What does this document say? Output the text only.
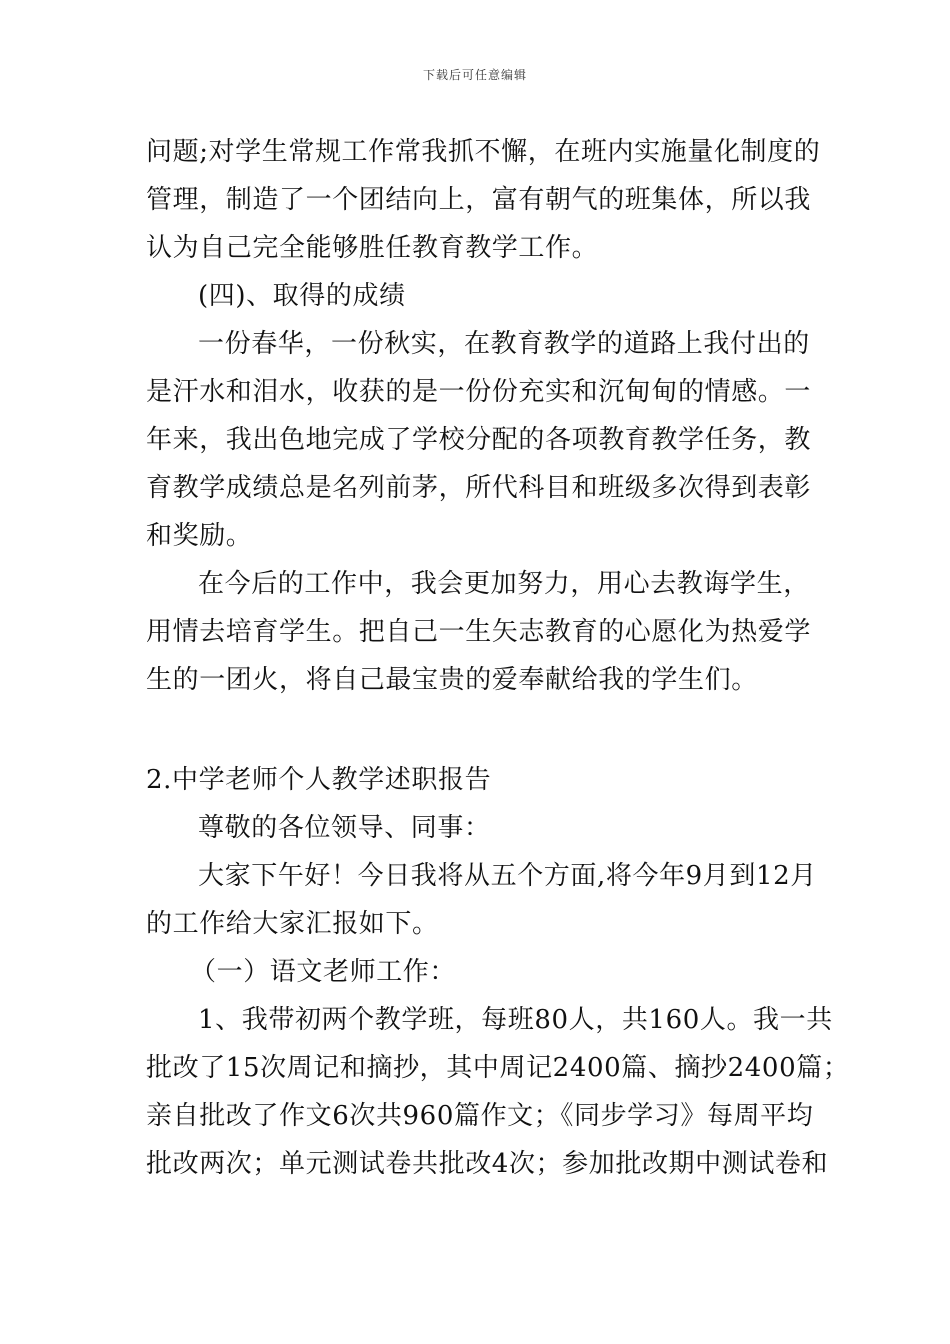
下载后可任意编辑
问题;对学生常规工作常我抓不懈，在班内实施量化制度的
管理，制造了一个团结向上，富有朝气的班集体，所以我
认为自己完全能够胜任教育教学工作。
(四)、取得的成绩
一份春华，一份秋实，在教育教学的道路上我付出的
是汗水和泪水，收获的是一份份充实和沉甸甸的情感。一
年来，我出色地完成了学校分配的各项教育教学任务，教
育教学成绩总是名列前茅，所代科目和班级多次得到表彰
和奖励。
在今后的工作中，我会更加努力，用心去教诲学生，
用情去培育学生。把自己一生矢志教育的心愿化为热爱学
生的一团火，将自己最宝贵的爱奉献给我的学生们。
2.中学老师个人教学述职报告
尊敬的各位领导、同事：
大家下午好！今日我将从五个方面,将今年9月到12月
的工作给大家汇报如下。
（一）语文老师工作：
1、我带初两个教学班，每班80人，共160人。我一共
批改了15次周记和摘抄，其中周记2400篇、摘抄2400篇；
亲自批改了作文6次共960篇作文；《同步学习》每周平均
批改两次；单元测试卷共批改4次；参加批改期中测试卷和
